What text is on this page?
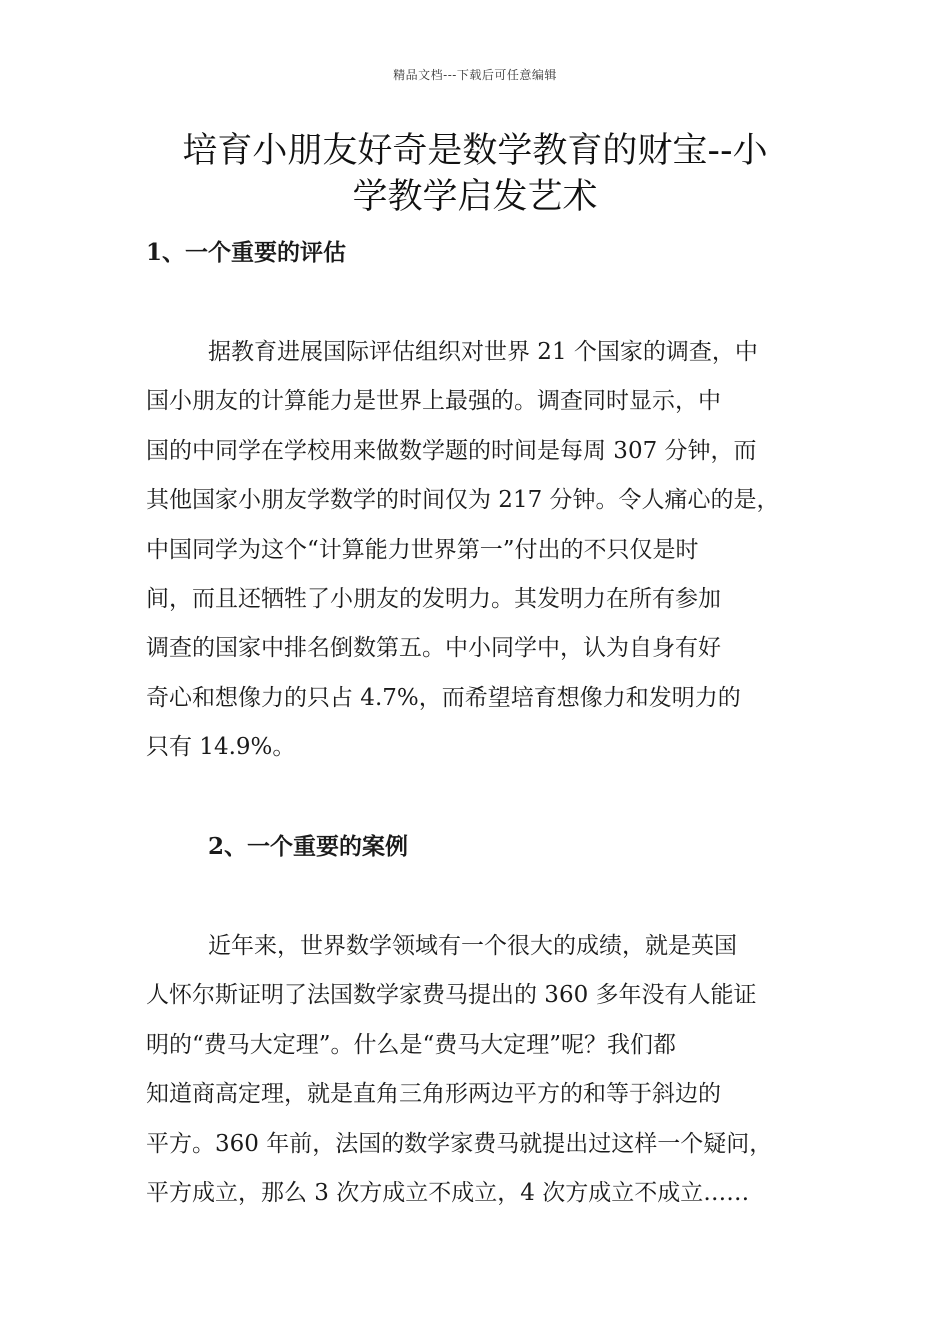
精品文档---下载后可任意编辑
培育小朋友好奇是数学教育的财宝--小
学教学启发艺术
1、一个重要的评估

据教育进展国际评估组织对世界 21 个国家的调查，中
国小朋友的计算能力是世界上最强的。调查同时显示，中
国的中同学在学校用来做数学题的时间是每周 307 分钟，而
其他国家小朋友学数学的时间仅为 217 分钟。令人痛心的是，
中国同学为这个“计算能力世界第一”付出的不只仅是时
间，而且还牺牲了小朋友的发明力。其发明力在所有参加
调查的国家中排名倒数第五。中小同学中，认为自身有好
奇心和想像力的只占 4.7%，而希望培育想像力和发明力的
只有 14.9%。

2、一个重要的案例

近年来，世界数学领域有一个很大的成绩，就是英国
人怀尔斯证明了法国数学家费马提出的 360 多年没有人能证
明的“费马大定理”。什么是“费马大定理”呢？我们都
知道商高定理，就是直角三角形两边平方的和等于斜边的
平方。360 年前，法国的数学家费马就提出过这样一个疑问，
平方成立，那么 3 次方成立不成立，4 次方成立不成立……
